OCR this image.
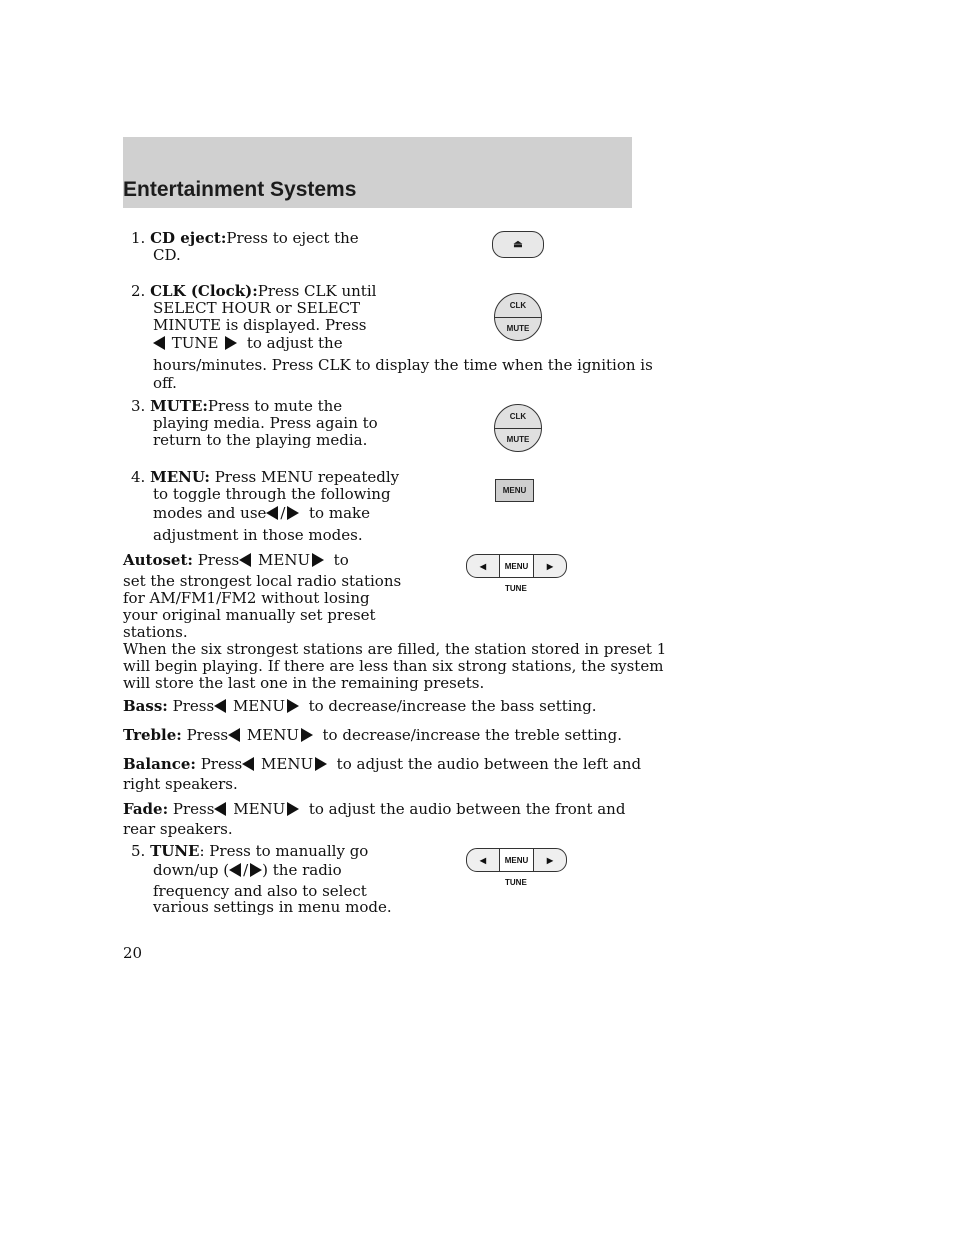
Entertainment Systems
1. CD eject:Press to eject the
CD.
⏏
2. CLK (Clock):Press CLK until
SELECT HOUR or SELECT
MINUTE is displayed. Press
TUNE to adjust the
hours/minutes. Press CLK to display the time when the ignition is
off.
CLK
MUTE
3. MUTE:Press to mute the
playing media. Press again to
return to the playing media.
CLK
MUTE
4. MENU: Press MENU repeatedly
to toggle through the following
modes and use / to make
adjustment in those modes.
MENU
Autoset: Press MENU to
set the strongest local radio stations
for AM/FM1/FM2 without losing
your original manually set preset
stations.
When the six strongest stations are filled, the station stored in preset 1
will begin playing. If there are less than six strong stations, the system
will store the last one in the remaining presets.
◀	MENU	▶
TUNE
Bass: Press MENU to decrease/increase the bass setting.
Treble: Press MENU to decrease/increase the treble setting.
Balance: Press MENU to adjust the audio between the left and
right speakers.
Fade: Press MENU to adjust the audio between the front and
rear speakers.
5. TUNE: Press to manually go
down/up ( / ) the radio
frequency and also to select
various settings in menu mode.
◀	MENU	▶
TUNE
20
